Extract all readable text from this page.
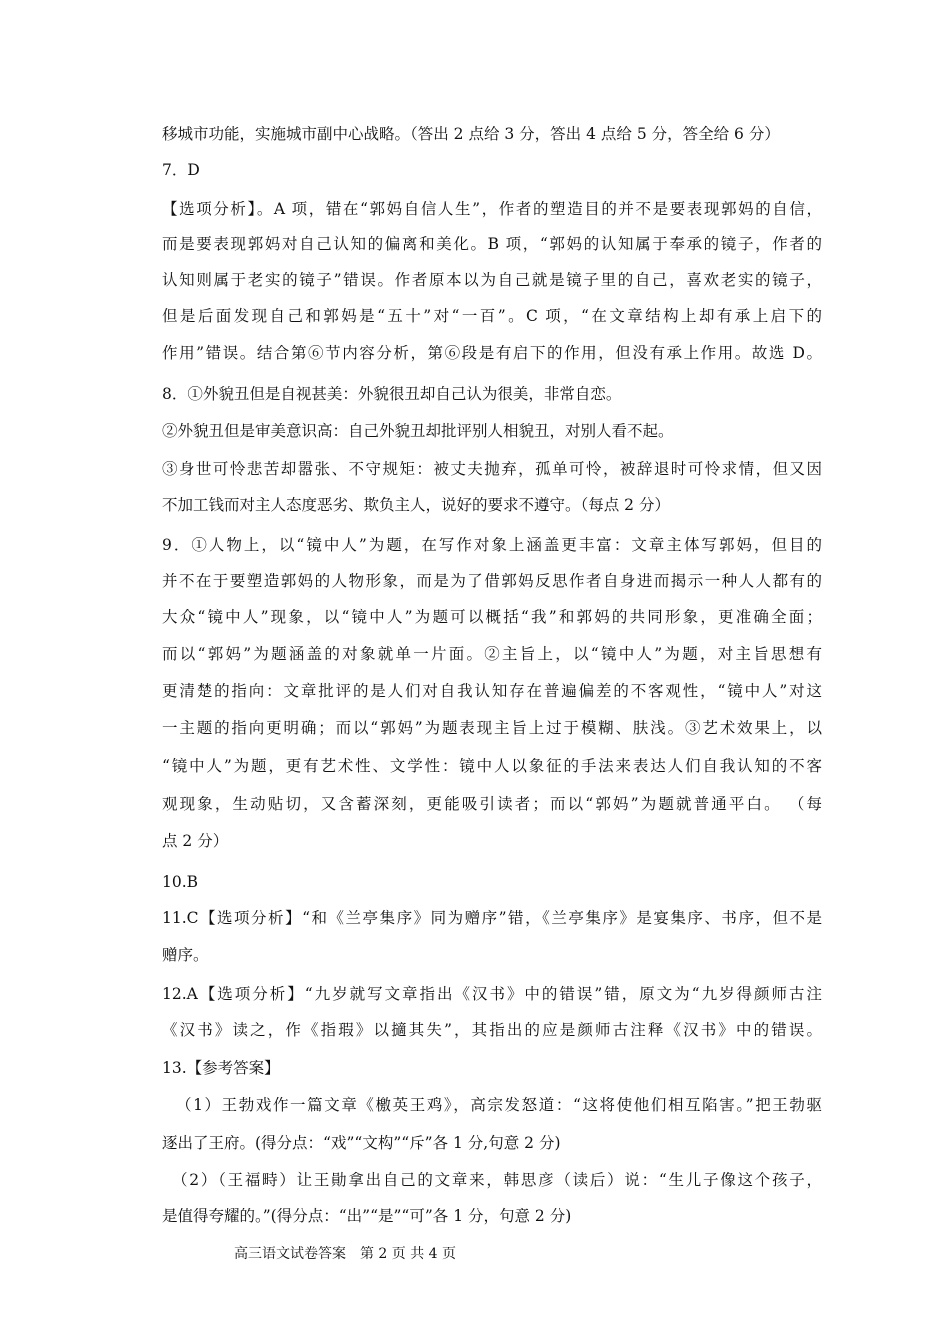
移城市功能，实施城市副中心战略。（答出 2 点给 3 分，答出 4 点给 5 分，答全给 6 分）
7．D
【选项分析】。A 项，错在“郭妈自信人生”，作者的塑造目的并不是要表现郭妈的自信，
而是要表现郭妈对自己认知的偏离和美化。B 项，“郭妈的认知属于奉承的镜子，作者的
认知则属于老实的镜子”错误。作者原本以为自己就是镜子里的自己，喜欢老实的镜子，
但是后面发现自己和郭妈是“五十”对“一百”。C 项，“在文章结构上却有承上启下的
作用”错误。结合第⑥节内容分析，第⑥段是有启下的作用，但没有承上作用。故选 D。
8．①外貌丑但是自视甚美：外貌很丑却自己认为很美，非常自恋。
②外貌丑但是审美意识高：自己外貌丑却批评别人相貌丑，对别人看不起。
③身世可怜悲苦却嚣张、不守规矩：被丈夫抛弃，孤单可怜，被辞退时可怜求情，但又因
不加工钱而对主人态度恶劣、欺负主人，说好的要求不遵守。（每点 2 分）
9．①人物上，以“镜中人”为题，在写作对象上涵盖更丰富：文章主体写郭妈，但目的
并不在于要塑造郭妈的人物形象，而是为了借郭妈反思作者自身进而揭示一种人人都有的
大众“镜中人”现象，以“镜中人”为题可以概括“我”和郭妈的共同形象，更准确全面；
而以“郭妈”为题涵盖的对象就单一片面。②主旨上，以“镜中人”为题，对主旨思想有
更清楚的指向：文章批评的是人们对自我认知存在普遍偏差的不客观性，“镜中人”对这
一主题的指向更明确；而以“郭妈”为题表现主旨上过于模糊、肤浅。③艺术效果上，以
“镜中人”为题，更有艺术性、文学性：镜中人以象征的手法来表达人们自我认知的不客
观现象，生动贴切，又含蓄深刻，更能吸引读者；而以“郭妈”为题就普通平白。 （每
点 2 分）
10.B
11.C【选项分析】“和《兰亭集序》同为赠序”错，《兰亭集序》是宴集序、书序，但不是
赠序。
12.A【选项分析】“九岁就写文章指出《汉书》中的错误”错，原文为“九岁得颜师古注
《汉书》读之，作《指瑕》以擿其失”，其指出的应是颜师古注释《汉书》中的错误。
13.【参考答案】
（1）王勃戏作一篇文章《檄英王鸡》，高宗发怒道：“这将使他们相互陷害。”把王勃驱
逐出了王府。(得分点：“戏”“文构”“斥”各 1 分,句意 2 分)
（2）（王福畤）让王勛拿出自己的文章来，韩思彦（读后）说：“生儿子像这个孩子，
是值得夸耀的。”(得分点：“出”“是”“可”各 1 分，句意 2 分)
高三语文试卷答案　第 2 页 共 4 页
